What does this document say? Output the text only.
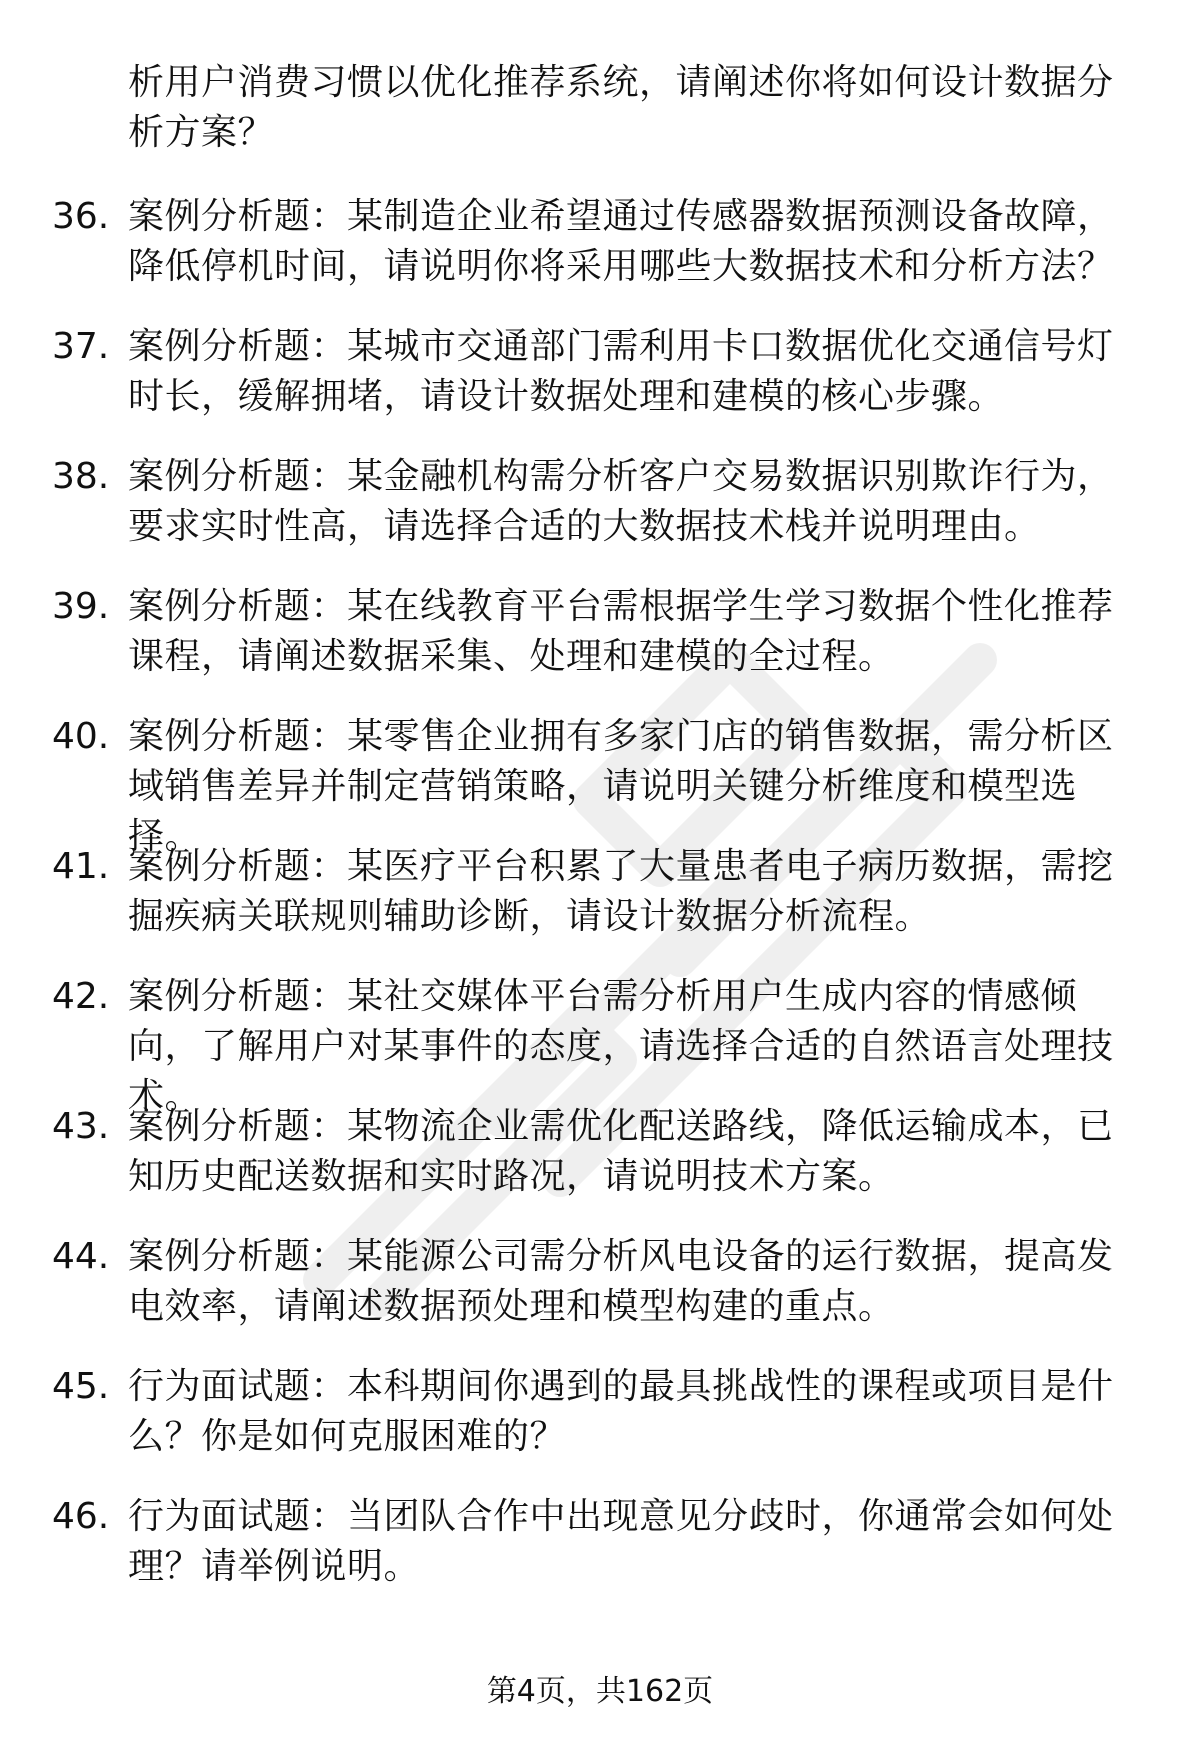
析用户消费习惯以优化推荐系统，请阐述你将如何设计数据分析方案？
36. 案例分析题：某制造企业希望通过传感器数据预测设备故障，降低停机时间，请说明你将采用哪些大数据技术和分析方法？
37. 案例分析题：某城市交通部门需利用卡口数据优化交通信号灯时长，缓解拥堵，请设计数据处理和建模的核心步骤。
38. 案例分析题：某金融机构需分析客户交易数据识别欺诈行为，要求实时性高，请选择合适的大数据技术栈并说明理由。
39. 案例分析题：某在线教育平台需根据学生学习数据个性化推荐课程，请阐述数据采集、处理和建模的全过程。
40. 案例分析题：某零售企业拥有多家门店的销售数据，需分析区域销售差异并制定营销策略，请说明关键分析维度和模型选择。
41. 案例分析题：某医疗平台积累了大量患者电子病历数据，需挖掘疾病关联规则辅助诊断，请设计数据分析流程。
42. 案例分析题：某社交媒体平台需分析用户生成内容的情感倾向，了解用户对某事件的态度，请选择合适的自然语言处理技术。
43. 案例分析题：某物流企业需优化配送路线，降低运输成本，已知历史配送数据和实时路况，请说明技术方案。
44. 案例分析题：某能源公司需分析风电设备的运行数据，提高发电效率，请阐述数据预处理和模型构建的重点。
45. 行为面试题：本科期间你遇到的最具挑战性的课程或项目是什么？你是如何克服困难的？
46. 行为面试题：当团队合作中出现意见分歧时，你通常会如何处理？请举例说明。
第4页，共162页
